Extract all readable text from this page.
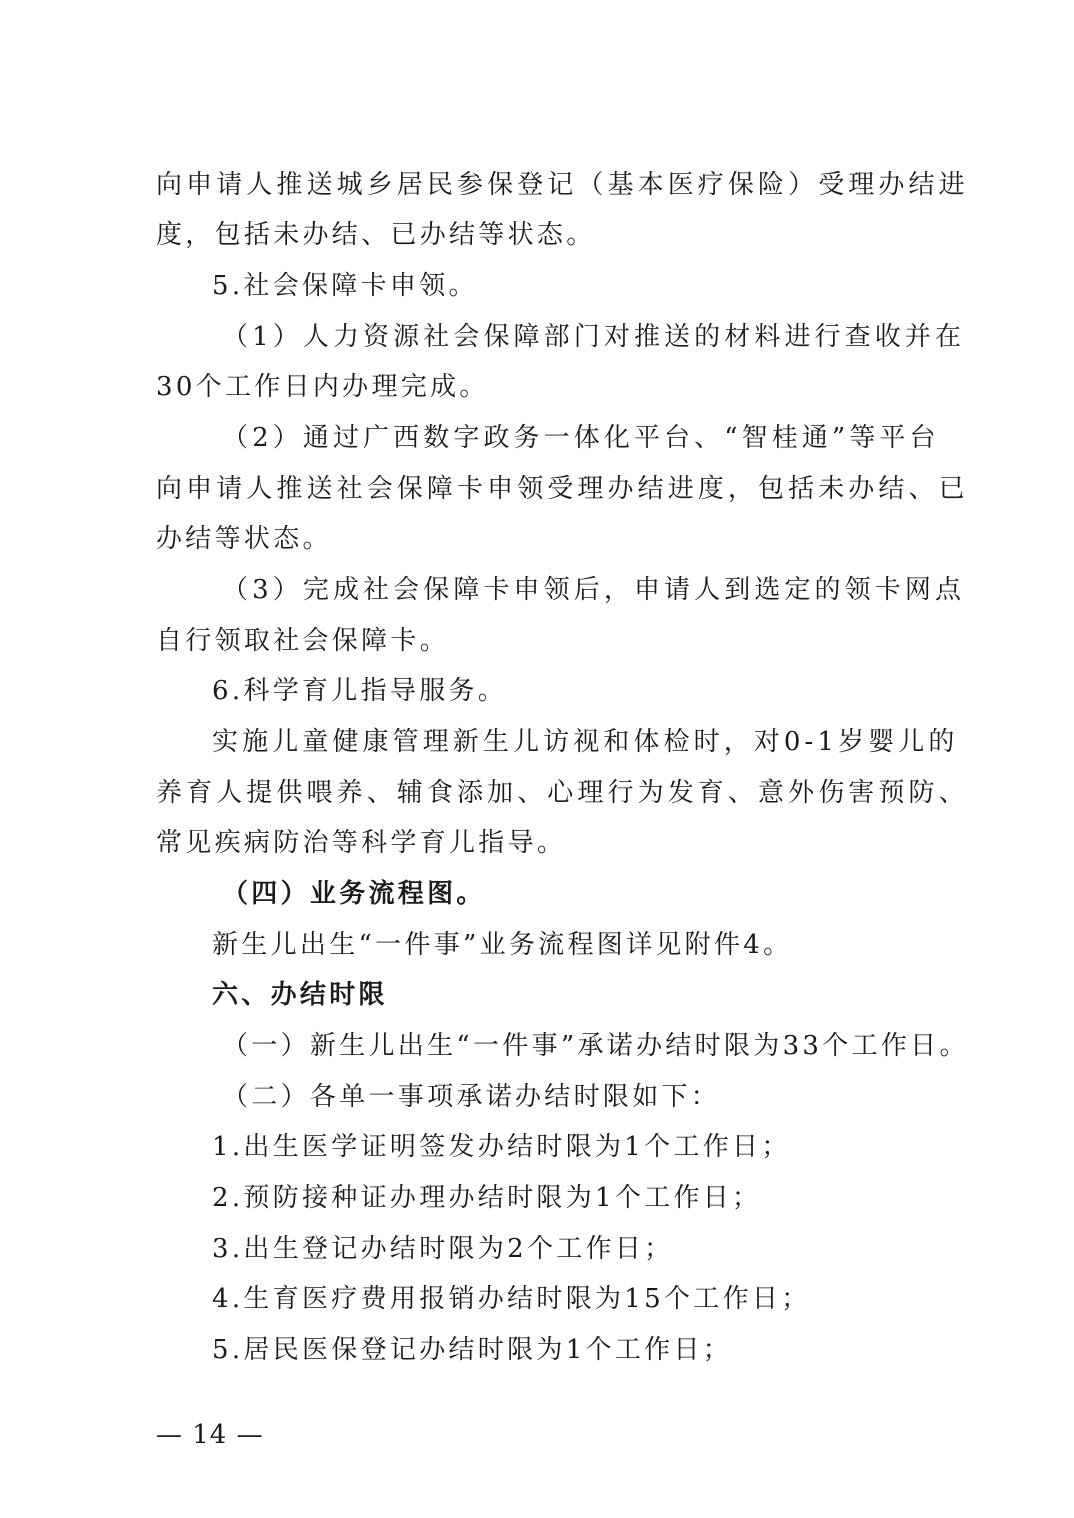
向申请人推送城乡居民参保登记（基本医疗保险）受理办结进
度，包括未办结、已办结等状态。
5.社会保障卡申领。
（1）人力资源社会保障部门对推送的材料进行查收并在
30个工作日内办理完成。
（2）通过广西数字政务一体化平台、“智桂通”等平台
向申请人推送社会保障卡申领受理办结进度，包括未办结、已
办结等状态。
（3）完成社会保障卡申领后，申请人到选定的领卡网点
自行领取社会保障卡。
6.科学育儿指导服务。
实施儿童健康管理新生儿访视和体检时，对0-1岁婴儿的
养育人提供喂养、辅食添加、心理行为发育、意外伤害预防、
常见疾病防治等科学育儿指导。
（四）业务流程图。
新生儿出生“一件事”业务流程图详见附件4。
六、办结时限
（一）新生儿出生“一件事”承诺办结时限为33个工作日。
（二）各单一事项承诺办结时限如下：
1.出生医学证明签发办结时限为1个工作日；
2.预防接种证办理办结时限为1个工作日；
3.出生登记办结时限为2个工作日；
4.生育医疗费用报销办结时限为15个工作日；
5.居民医保登记办结时限为1个工作日；
— 14 —
